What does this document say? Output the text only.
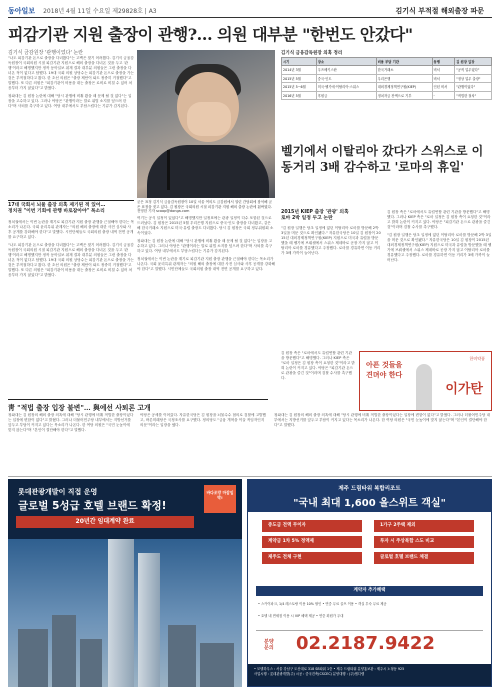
동아일보 2018년 4월 11일 수요일 제29828호 | A3	김기식 부적절 해외출장 파문
피감기관 지원 출장이 관행?… 의원 대부분 "한번도 안갔다"
김기식 금감원장 '관행이었다' 논란

"나도 피감기관 돈으로 출장을 다녀왔다"는 고백은 찾기 어려웠다. 김기식 금융감독원장이 국회의원 시절 피감기관 지원으로 해외 출장을 다녀온 것을 두고 '관행'이라고 해명했지만 정작 동아일보 취재 결과 대부분 의원들은 그런 출장을 다녀온 적이 없다고 답했다. 19대 국회 의원 상당수는 피감기관 돈으로 출장을 가는 것은 부적절하다고 봤다. 한 초선 의원은 "출장 제안이 와도 정중히 거절했다"고 말했다. 또 다른 의원은 "피감기관이 비용을 대는 출장은 로비로 비칠 수 있어 처음부터 가지 않았다"고 밝혔다.

청와대는 김 원장 논란에 대해 "당시 관행에 비춰 봤을 때 문제 될 것 없다"는 입장을 고수하고 있다. 그러나 야당은 "관행이라는 말로 위법 소지를 덮으려 한다"며 사퇴를 촉구하고 있다. 여당 내부에서도 부담스럽다는 기류가 감지된다.

17대 국회서 뇌물 출장 의혹 제기된 적 있어…
정치권 "이번 기회에 관행 바로잡아야" 목소리

정치권에서는 이번 논란을 계기로 피감기관 지원 출장 관행을 근절해야 한다는 목소리가 나온다. 국회 윤리특위 관계자는 "의원 해외 출장에 대한 사전 심사와 사후 공개를 강화해야 한다"고 말했다. 시민단체들도 국회의원 출장 내역 전면 공개를 요구하고 있다.

"나도 피감기관 돈으로 출장을 다녀왔다"는 고백은 찾기 어려웠다. 김기식 금융감독원장이 국회의원 시절 피감기관 지원으로 해외 출장을 다녀온 것을 두고 '관행'이라고 해명했지만 정작 동아일보 취재 결과 대부분 의원들은 그런 출장을 다녀온 적이 없다고 답했다. 19대 국회 의원 상당수는 피감기관 돈으로 출장을 가는 것은 부적절하다고 봤다. 한 초선 의원은 "출장 제안이 와도 정중히 거절했다"고 말했다. 또 다른 의원은 "피감기관이 비용을 대는 출장은 로비로 비칠 수 있어 처음부터 가지 않았다"고 밝혔다.

굳은 표정 김기식 금융감독원장이 10일 서울 여의도 금감원에서 열린 간담회에 참석해 굳은 표정을 짓고 있다. 김 원장은 국회의원 시절 피감기관 지원 해외 출장 논란에 휩싸였다. 전영한 기자 scoop@donga.com

여기는 공식 일정이 있었다"고 해명했지만 일정표에는 관광 일정이 다수 포함된 것으로 드러났다. 김 원장은 2015년 5월 우리은행 지원으로 중국·인도 출장을 다녀왔고, 같은 해 한국거래소 지원으로 미국·유럽 출장도 다녀왔다. 당시 김 원장은 국회 정무위원회 소속이었다.

청와대는 김 원장 논란에 대해 "당시 관행에 비춰 봤을 때 문제 될 것 없다"는 입장을 고수하고 있다. 그러나 야당은 "관행이라는 말로 위법 소지를 덮으려 한다"며 사퇴를 촉구하고 있다. 여당 내부에서도 부담스럽다는 기류가 감지된다.

정치권에서는 이번 논란을 계기로 피감기관 지원 출장 관행을 근절해야 한다는 목소리가 나온다. 국회 윤리특위 관계자는 "의원 해외 출장에 대한 사전 심사와 사후 공개를 강화해야 한다"고 말했다. 시민단체들도 국회의원 출장 내역 전면 공개를 요구하고 있다.

김기식 금융감독원장 의혹 정리
시기	장소	비용 부담 기관	동행	김 원장 입장
2014년 3월	우즈베키스탄	한국거래소	비서	"공적 업무였다"
2015년 5월	중국·인도	우리은행	비서	"정상 업무 출장"
2015년 5~6월	미국·벨기에·이탈리아·스위스	대외경제정책연구원(KIEP)	인턴 비서	"관행이었다"
2016년 5월	후원금	정치자금 잔액으로 기부	-	"적법한 절차"
벨기에서 이탈리아 갔다가 스위스로 이동거리 3배 감수하고 '로마의 휴일'
2015년 KIEP 출장 '관광' 의혹
로마 2박 일정 두고 논란

"김 원장 일행은 당초 일정에 없던 이탈리아 로마를 방문해 2박 3일을 머문 것으로 확인됐다." 자유한국당은 10일 김 원장이 2015년 대외경제정책연구원(KIEP) 지원으로 미국과 유럽을 방문했을 때 벨기에 브뤼셀에서 스위스 제네바로 곧장 가지 않고 이탈리아 로마를 경유했다고 주장했다. 로마를 경유하면 이동 거리가 3배 가까이 늘어난다.

김 원장 측은 "로마에서도 유럽연합 관련 기관을 방문했다"고 해명했다. 그러나 KIEP 측은 "로마 일정은 김 원장 측이 요청한 것"이라고 밝혀 논란이 커지고 있다. 야당은 "피감기관 돈으로 관광을 즐긴 것"이라며 검찰 수사를 촉구했다.

"김 원장 일행은 당초 일정에 없던 이탈리아 로마를 방문해 2박 3일을 머문 것으로 확인됐다." 자유한국당은 10일 김 원장이 2015년 대외경제정책연구원(KIEP) 지원으로 미국과 유럽을 방문했을 때 벨기에 브뤼셀에서 스위스 제네바로 곧장 가지 않고 이탈리아 로마를 경유했다고 주장했다. 로마를 경유하면 이동 거리가 3배 가까이 늘어난다.

김 원장 측은 "로마에서도 유럽연합 관련 기관을 방문했다"고 해명했다. 그러나 KIEP 측은 "로마 일정은 김 원장 측이 요청한 것"이라고 밝혀 논란이 커지고 있다. 야당은 "피감기관 돈으로 관광을 즐긴 것"이라며 검찰 수사를 촉구했다.

아픈 것들을
견뎌야 한다
한미약품
이가탄
靑 "적법 출장 입장 불변"… 與에선 사퇴론 고개

청와대는 김 원장의 해외 출장 의혹에 대해 "당시 관행에 비춰 적법한 출장이었다는 입장에 변함이 없다"고 밝혔다. 그러나 더불어민주당 내부에서는 지방선거를 앞두고 부담이 커지고 있다는 목소리가 나온다. 한 여당 의원은 "국민 눈높이에 맞지 않는다"며 "본인이 결단해야 한다"고 말했다.

야당은 공세를 이어갔다. 자유한국당은 김 원장을 뇌물수수 혐의로 검찰에 고발했고, 바른미래당은 국정조사를 요구했다. 정의당도 "금융 개혁을 이끌 적임자인지 의문"이라는 입장을 냈다.

청와대는 김 원장의 해외 출장 의혹에 대해 "당시 관행에 비춰 적법한 출장이었다는 입장에 변함이 없다"고 밝혔다. 그러나 더불어민주당 내부에서는 지방선거를 앞두고 부담이 커지고 있다는 목소리가 나온다. 한 여당 의원은 "국민 눈높이에 맞지 않는다"며 "본인이 결단해야 한다"고 말했다.

롯데관광개발이 직접 운영
글로벌 5성급 호텔 브랜드 확정!
20년간 임대계약 완료
바다조망 마감임박!
제주 드림타워 복합리조트
"국내 최대 1,600 올스위트 객실"
중도금 전액 무이자	1가구 2주택 제외
계약금 1차 5% 정액제	투자 시 주상복합 스도 비교
제주도 전체 구현	글로벌 호텔 브랜드 체결
계약자 추가혜택
• 스카이파크, 1/4 레스토랑 이용 10% 할인 • 연중 무료 골프 이용 • 객실 투숙 무료 제공
• 호텔 내 면세점 이용 시 VIP 혜택 제공 • 연중 회원가 우대
분양
문의 02.2187.9422
• 모델하우스 : 서울 강남구 도산대로 318 SB타워 1층 • 제주 드림타워 분양홍보관 : 제주시 노형동 925
사업시행 : 롯데관광개발(주) 시공 : 중국건축(CSCEC) 분양대행 : (주)엠디랩
